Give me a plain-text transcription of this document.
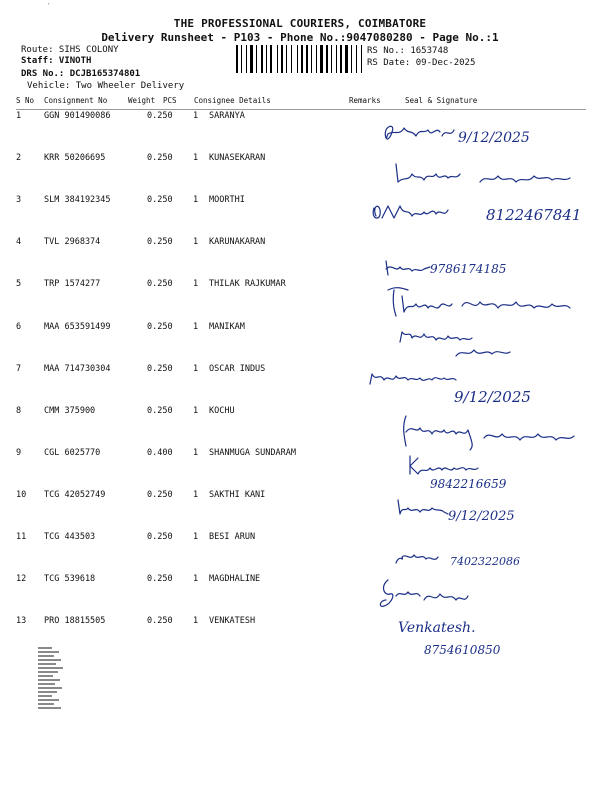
ˊ
THE PROFESSIONAL COURIERS, COIMBATORE
Delivery Runsheet - P103 - Phone No.:9047080280 - Page No.:1
Route: SIHS COLONY
Staff: VINOTH
DRS No.: DCJB165374801
Vehicle: Two Wheeler Delivery
RS No.: 1653748
RS Date: 09-Dec-2025
S No Consignment No	Weight PCS Consignee Details	Remarks	Seal & Signature
1	GGN 901490086	0.250 1 SARANYA
2	KRR 50206695	0.250 1 KUNASEKARAN
3	SLM 384192345	0.250 1 MOORTHI
4	TVL 2968374	0.250 1 KARUNAKARAN
5	TRP 1574277	0.250 1 THILAK RAJKUMAR
6	MAA 653591499	0.250 1 MANIKAM
7	MAA 714730304	0.250 1 OSCAR INDUS
8	CMM 375900	0.250 1 KOCHU
9	CGL 6025770	0.400 1 SHANMUGA SUNDARAM
10 TCG 42052749	0.250 1 SAKTHI KANI
11 TCG 443503	0.250 1 BESI ARUN
12 TCG 539618	0.250 1 MAGDHALINE
13 PRO 18815505	0.250 1 VENKATESH
9/12/2025
8122467841
9786174185
9/12/2025
9842216659
9/12/2025
7402322086
Venkatesh.
8754610850
